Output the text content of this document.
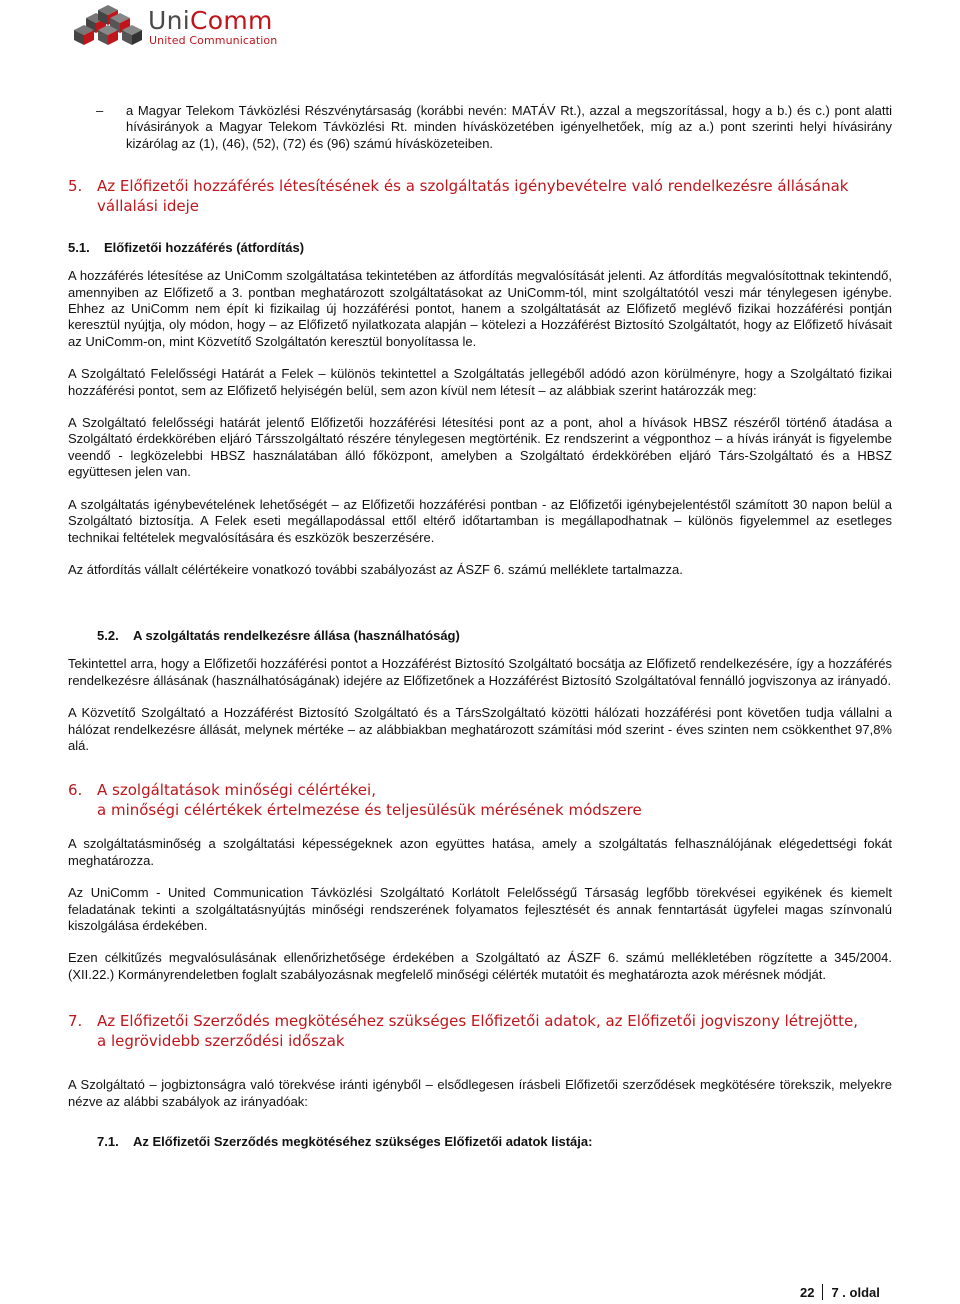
UniComm
United Communication

– a Magyar Telekom Távközlési Részvénytársaság (korábbi nevén: MATÁV Rt.), azzal a megszorítással, hogy a b.) és c.) pont alatti hívásirányok a Magyar Telekom Távközlési Rt. minden hívásközetében igényelhetőek, míg az a.) pont szerinti helyi hívásirány kizárólag az (1), (46), (52), (72) és (96) számú hívásközeteiben.

5. Az Előfizetői hozzáférés létesítésének és a szolgáltatás igénybevételre való rendelkezésre állásának vállalási ideje
5.1. Előfizetői hozzáférés (átfordítás)

A hozzáférés létesítése az UniComm szolgáltatása tekintetében az átfordítás megvalósítását jelenti. Az átfordítás megvalósítottnak tekintendő, amennyiben az Előfizető a 3. pontban meghatározott szolgáltatásokat az UniComm-tól, mint szolgáltatótól veszi már ténylegesen igénybe. Ehhez az UniComm nem épít ki fizikailag új hozzáférési pontot, hanem a szolgáltatását az Előfizető meglévő fizikai hozzáférési pontján keresztül nyújtja, oly módon, hogy – az Előfizető nyilatkozata alapján – kötelezi a Hozzáférést Biztosító Szolgáltatót, hogy az Előfizető hívásait az UniComm-on, mint Közvetítő Szolgáltatón keresztül bonyolítassa le.

A Szolgáltató Felelősségi Határát a Felek – különös tekintettel a Szolgáltatás jellegéből adódó azon körülményre, hogy a Szolgáltató fizikai hozzáférési pontot, sem az Előfizető helyiségén belül, sem azon kívül nem létesít – az alábbiak szerint határozzák meg:

A Szolgáltató felelősségi határát jelentő Előfizetői hozzáférési létesítési pont az a pont, ahol a hívások HBSZ részéről történő átadása a Szolgáltató érdekkörében eljáró Társszolgáltató részére ténylegesen megtörténik. Ez rendszerint a végponthoz – a hívás irányát is figyelembe veendő - legközelebbi HBSZ használatában álló főközpont, amelyben a Szolgáltató érdekkörében eljáró Társ-Szolgáltató és a HBSZ együttesen jelen van.

A szolgáltatás igénybevételének lehetőségét – az Előfizetői hozzáférési pontban - az Előfizetői igénybejelentéstől számított 30 napon belül a Szolgáltató biztosítja. A Felek eseti megállapodással ettől eltérő időtartamban is megállapodhatnak – különös figyelemmel az esetleges technikai feltételek megvalósítására és eszközök beszerzésére.

Az átfordítás vállalt célértékeire vonatkozó további szabályozást az ÁSZF 6. számú melléklete tartalmazza.

5.2. A szolgáltatás rendelkezésre állása (használhatóság)

Tekintettel arra, hogy a Előfizetői hozzáférési pontot a Hozzáférést Biztosító Szolgáltató bocsátja az Előfizető rendelkezésére, így a hozzáférés rendelkezésre állásának (használhatóságának) idejére az Előfizetőnek a Hozzáférést Biztosító Szolgáltatóval fennálló jogviszonya az irányadó.

A Közvetítő Szolgáltató a Hozzáférést Biztosító Szolgáltató és a TársSzolgáltató közötti hálózati hozzáférési pont követően tudja vállalni a hálózat rendelkezésre állását, melynek mértéke – az alábbiakban meghatározott számítási mód szerint - éves szinten nem csökkenthet 97,8% alá.

6. A szolgáltatások minőségi célértékei,
a minőségi célértékek értelmezése és teljesülésük mérésének módszere

A szolgáltatásminőség a szolgáltatási képességeknek azon együttes hatása, amely a szolgáltatás felhasználójának elégedettségi fokát meghatározza.

Az UniComm - United Communication Távközlési Szolgáltató Korlátolt Felelősségű Társaság legfőbb törekvései egyikének és kiemelt feladatának tekinti a szolgáltatásnyújtás minőségi rendszerének folyamatos fejlesztését és annak fenntartását ügyfelei magas színvonalú kiszolgálása érdekében.

Ezen célkitűzés megvalósulásának ellenőrizhetősége érdekében a Szolgáltató az ÁSZF 6. számú mellékletében rögzítette a 345/2004. (XII.22.) Kormányrendeletben foglalt szabályozásnak megfelelő minőségi célérték mutatóit és meghatározta azok mérésnek módját.

7. Az Előfizetői Szerződés megkötéséhez szükséges Előfizetői adatok, az Előfizetői jogviszony létrejötte,
a legrövidebb szerződési időszak

A Szolgáltató – jogbiztonságra való törekvése iránti igényből – elsődlegesen írásbeli Előfizetői szerződések megkötésére törekszik, melyekre nézve az alábbi szabályok az irányadóak:

7.1. Az Előfizetői Szerződés megkötéséhez szükséges Előfizetői adatok listája:
22 7 . oldal
